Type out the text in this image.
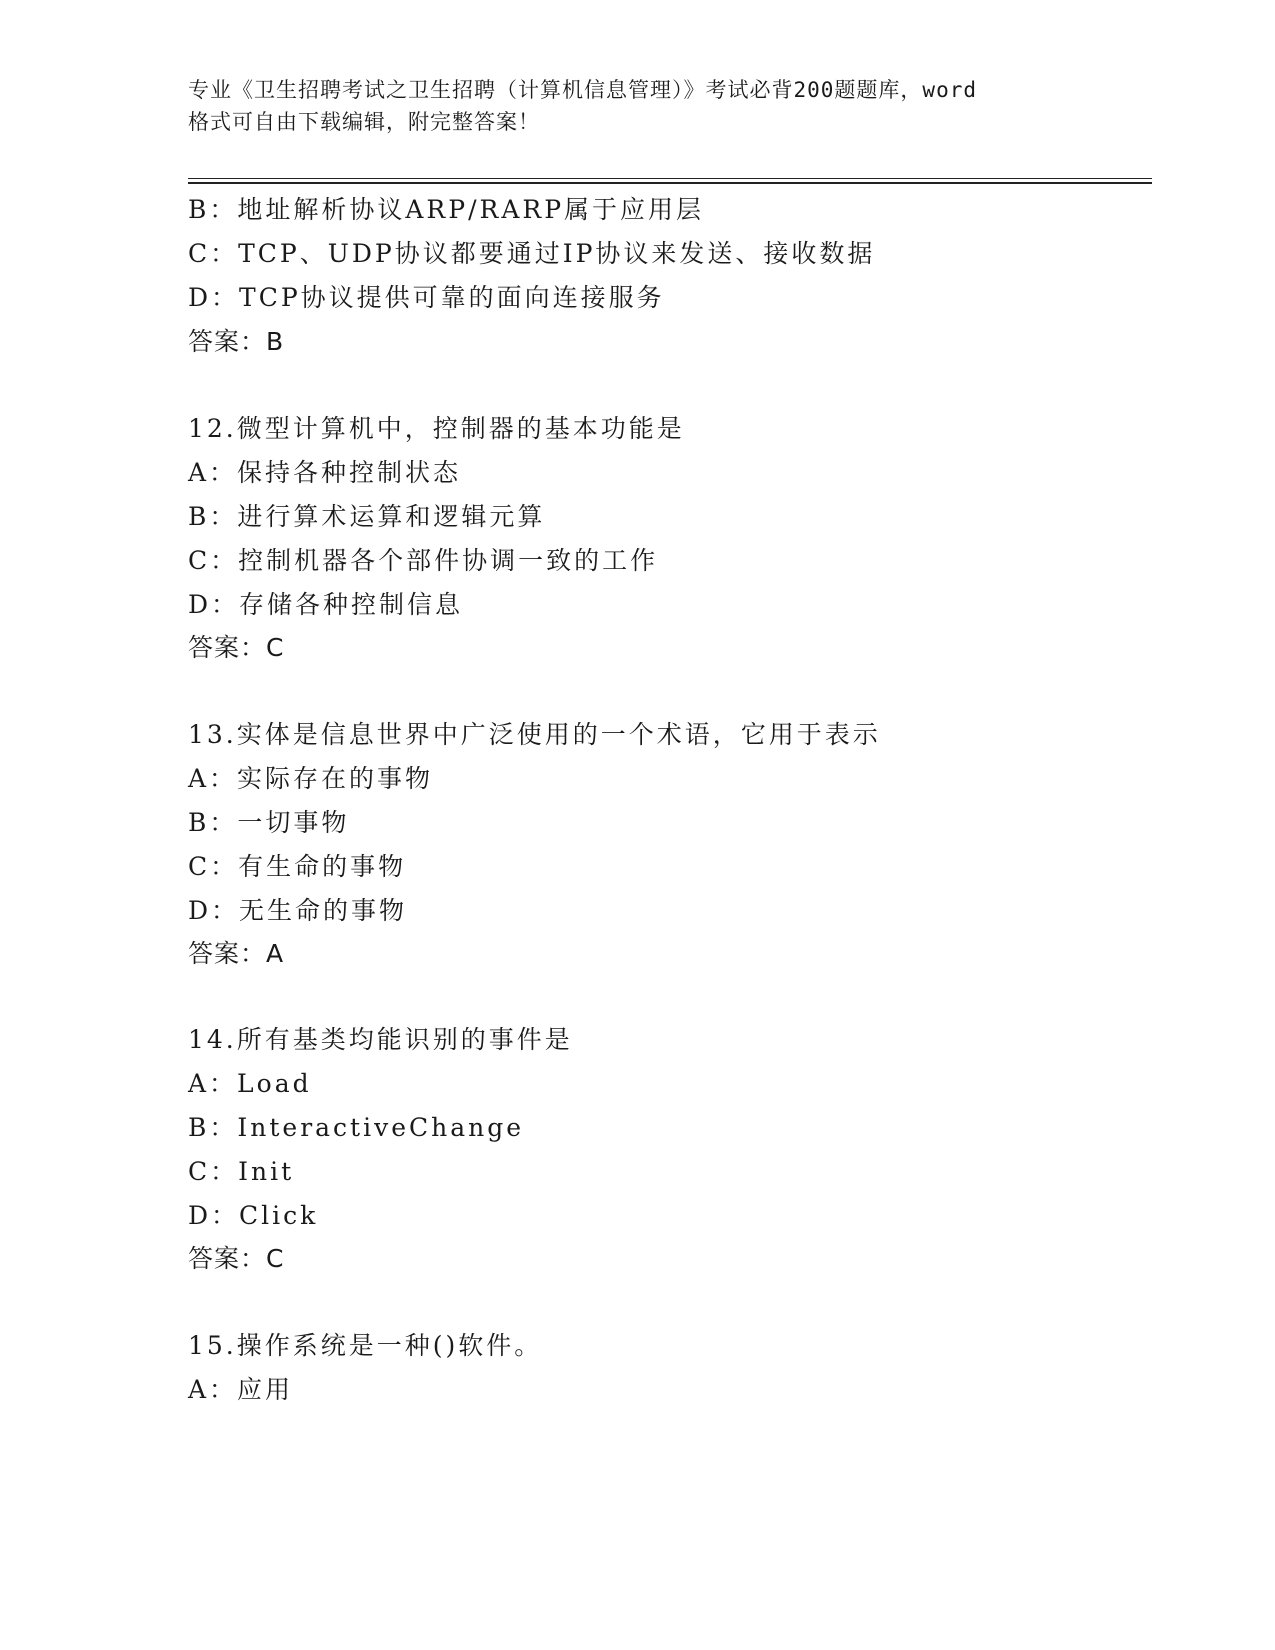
专业《卫生招聘考试之卫生招聘（计算机信息管理）》考试必背200题题库，word
格式可自由下载编辑，附完整答案！
B：地址解析协议ARP/RARP属于应用层
C：TCP、UDP协议都要通过IP协议来发送、接收数据
D：TCP协议提供可靠的面向连接服务
答案：B
12.微型计算机中，控制器的基本功能是
A：保持各种控制状态
B：进行算术运算和逻辑元算
C：控制机器各个部件协调一致的工作
D：存储各种控制信息
答案：C
13.实体是信息世界中广泛使用的一个术语，它用于表示
A：实际存在的事物
B：一切事物
C：有生命的事物
D：无生命的事物
答案：A
14.所有基类均能识别的事件是
A：Load
B：InteractiveChange
C：Init
D：Click
答案：C
15.操作系统是一种()软件。
A：应用
